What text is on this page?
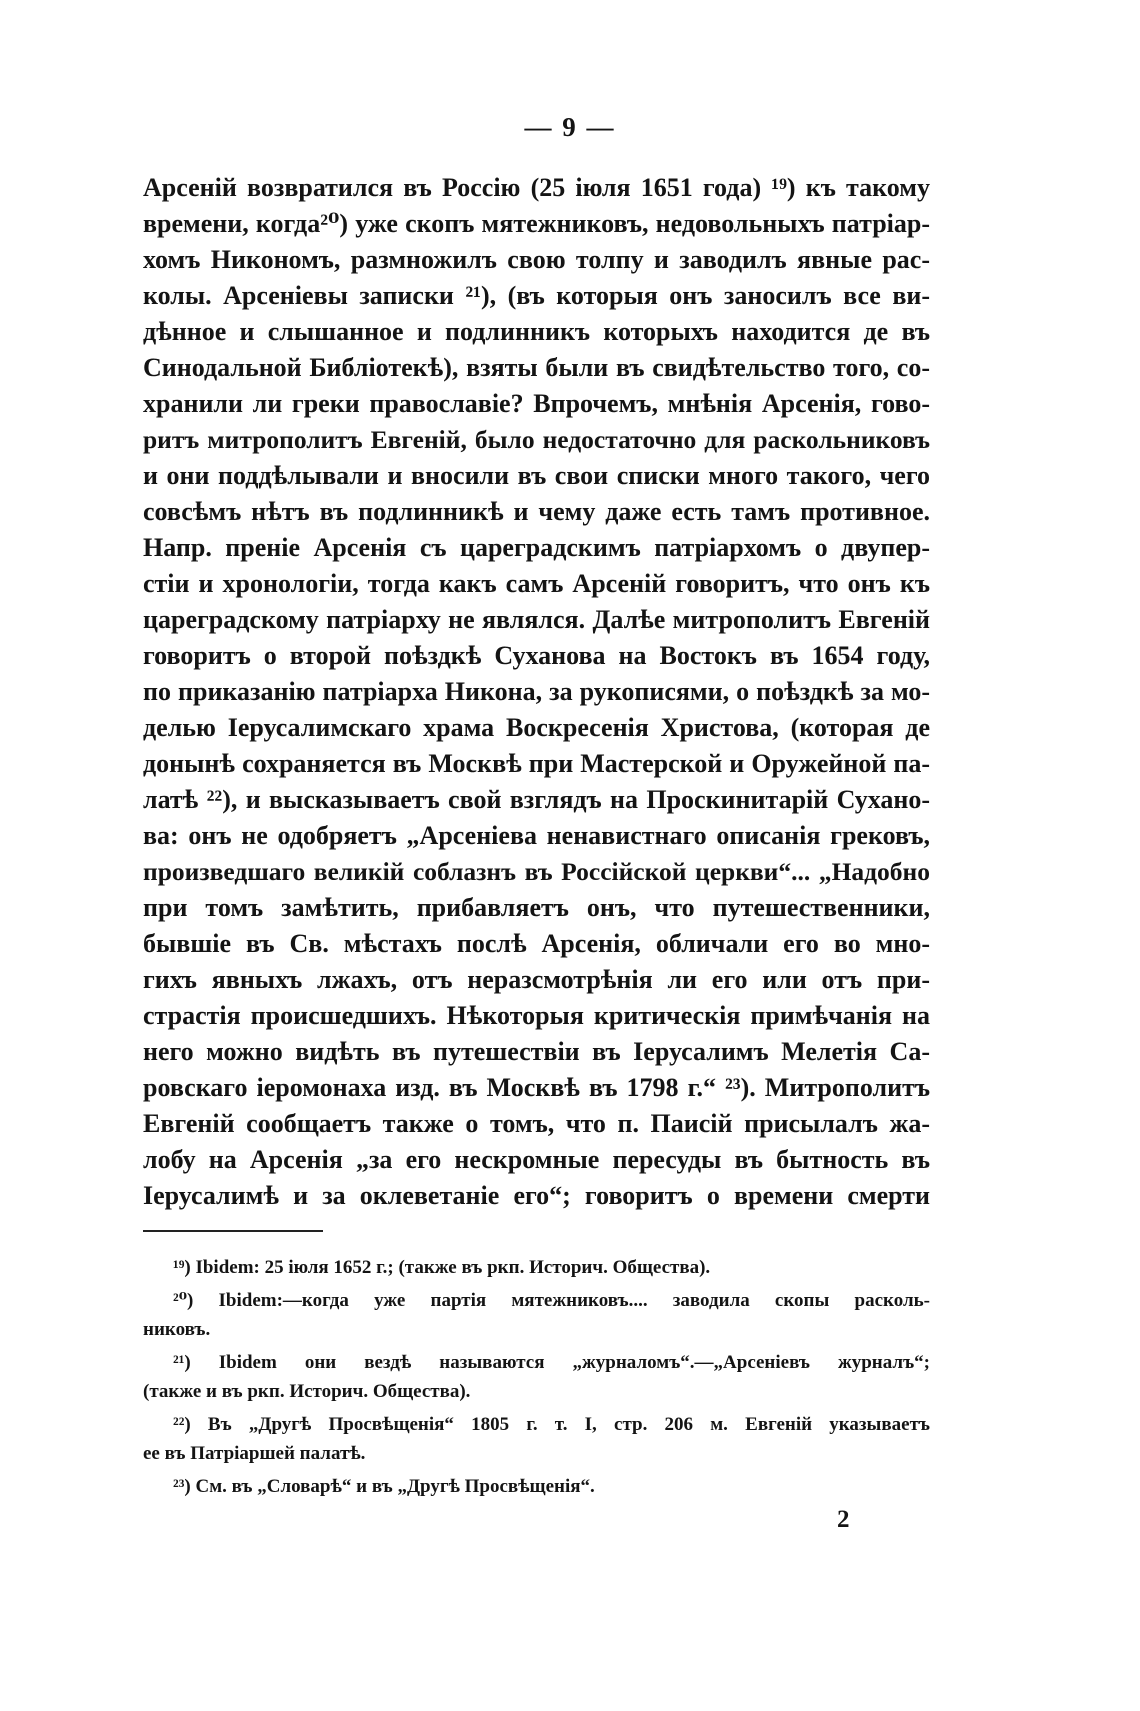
— 9 —
Арсеній возвратился въ Россію (25 іюля 1651 года) ¹⁹) къ такому
времени, когда²⁰) уже скопъ мятежниковъ, недовольныхъ патріар-
хомъ Никономъ, размножилъ свою толпу и заводилъ явные рас-
колы. Арсеніевы записки ²¹), (въ которыя онъ заносилъ все ви-
дѣнное и слышанное и подлинникъ которыхъ находится де въ
Синодальной Библіотекѣ), взяты были въ свидѣтельство того, со-
хранили ли греки православіе? Впрочемъ, мнѣнія Арсенія, гово-
ритъ митрополитъ Евгеній, было недостаточно для раскольниковъ
и они поддѣлывали и вносили въ свои списки много такого, чего
совсѣмъ нѣтъ въ подлинникѣ и чему даже есть тамъ противное.
Напр. преніе Арсенія съ цареградскимъ патріархомъ о двупер-
стіи и хронологіи, тогда какъ самъ Арсеній говоритъ, что онъ къ
цареградскому патріарху не являлся. Далѣе митрополитъ Евгеній
говоритъ о второй поѣздкѣ Суханова на Востокъ въ 1654 году,
по приказанію патріарха Никона, за рукописями, о поѣздкѣ за мо-
делью Іерусалимскаго храма Воскресенія Христова, (которая де
донынѣ сохраняется въ Москвѣ при Мастерской и Оружейной па-
латѣ ²²), и высказываетъ свой взглядъ на Проскинитарій Сухано-
ва: онъ не одобряетъ „Арсеніева ненавистнаго описанія грековъ,
произведшаго великій соблазнъ въ Россійской церкви“... „Надобно
при томъ замѣтить, прибавляетъ онъ, что путешественники,
бывшіе въ Св. мѣстахъ послѣ Арсенія, обличали его во мно-
гихъ явныхъ лжахъ, отъ неразсмотрѣнія ли его или отъ при-
страстія происшедшихъ. Нѣкоторыя критическія примѣчанія на
него можно видѣть въ путешествіи въ Іерусалимъ Мелетія Са-
ровскаго іеромонаха изд. въ Москвѣ въ 1798 г.“ ²³). Митрополитъ
Евгеній сообщаетъ также о томъ, что п. Паисій присылалъ жа-
лобу на Арсенія „за его нескромные пересуды въ бытность въ
Іерусалимѣ и за оклеветаніе его“; говоритъ о времени смерти
¹⁹) Ibidem: 25 іюля 1652 г.; (также въ ркп. Историч. Общества).
²⁰) Ibidem:—когда уже партія мятежниковъ.... заводила скопы расколь-
никовъ.
²¹) Ibidem они вездѣ называются „журналомъ“.—„Арсеніевъ журналъ“;
(также и въ ркп. Историч. Общества).
²²) Въ „Другѣ Просвѣщенія“ 1805 г. т. I, стр. 206 м. Евгеній указываетъ
ее въ Патріаршей палатѣ.
²³) См. въ „Словарѣ“ и въ „Другѣ Просвѣщенія“.
2
